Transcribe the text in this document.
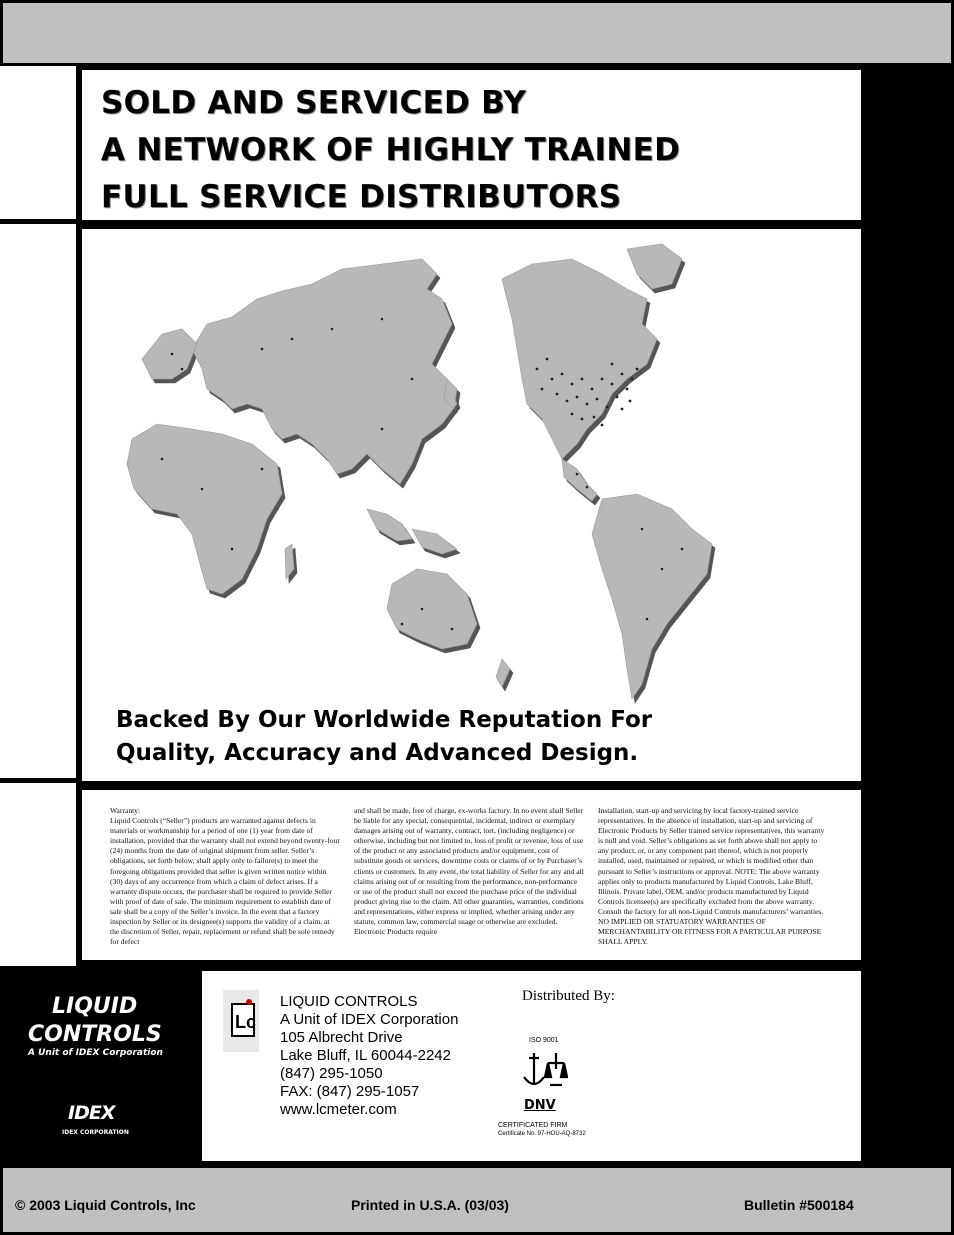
SOLD AND SERVICED BY
A NETWORK OF HIGHLY TRAINED
FULL SERVICE DISTRIBUTORS
Backed By Our Worldwide Reputation For
Quality, Accuracy and Advanced Design.
Warranty:
Liquid Controls (“Seller”) products are warranted against defects in materials or workmanship for a period of one (1) year from date of installation, provided that the warranty shall not extend beyond twenty-four (24) months from the date of original shipment from seller. Seller’s obligations, set forth below, shall apply only to failure(s) to meet the foregoing obligations provided that seller is given written notice within (30) days of any occurrence from which a claim of defect arises. If a warranty dispute occurs, the purchaser shall be required to provide Seller with proof of date of sale. The minimum requirement to establish date of sale shall be a copy of the Seller’s invoice. In the event that a factory inspection by Seller or its designee(s) supports the validity of a claim, at the discretion of Seller, repair, replacement or refund shall be sole remedy for defect
and shall be made, free of charge, ex-works factory. In no event shall Seller be liable for any special, consequential, incidental, indirect or exemplary damages arising out of warranty, contract, tort, (including negligence) or otherwise, including but not limited to, loss of profit or revenue, loss of use of the product or any associated products and/or equipment, cost of substitute goods or services, downtime costs or claims of or by Purchaser’s clients or customers. In any event, the total liability of Seller for any and all claims arising out of or resulting from the performance, non-performance or use of the product shall not exceed the purchase price of the individual product giving rise to the claim. All other guaranties, warranties, conditions and representations, either express or implied, whether arising under any statute, common law, commercial usage or otherwise are excluded. Electronic Products require
Installation, start-up and servicing by local factory-trained service representatives. In the absence of installation, start-up and servicing of Electronic Products by Seller trained service representatives, this warranty is null and void. Seller’s obligations as set forth above shall not apply to any product, or, or any component part thereof, which is not properly installed, used, maintained or repaired, or which is modified other than pursuant to Seller’s instructions or approval. NOTE: The above warranty applies only to products manufactured by Liquid Controls, Lake Bluff, Illinois. Private label, OEM, and/or products manufactured by Liquid Controls licensee(s) are specifically excluded from the above warranty. Consult the factory for all non-Liquid Controls manufacturers’ warranties. NO IMPLIED OR STATUATORY WARRANTIES OF MERCHANTABILITY OR FITNESS FOR A PARTICULAR PURPOSE SHALL APPLY.
LIQUID
CONTROLS
A Unit of IDEX Corporation
IDEX
IDEX CORPORATION
Lc
LIQUID CONTROLS
A Unit of IDEX Corporation
105 Albrecht Drive
Lake Bluff, IL 60044-2242
(847) 295-1050
FAX: (847) 295-1057
www.lcmeter.com
Distributed By:
ISO 9001
DNV
CERTIFICATED FIRM
Certificate No. 97-HOU-AQ-8732
© 2003 Liquid Controls, Inc	Printed in U.S.A. (03/03)	Bulletin #500184
